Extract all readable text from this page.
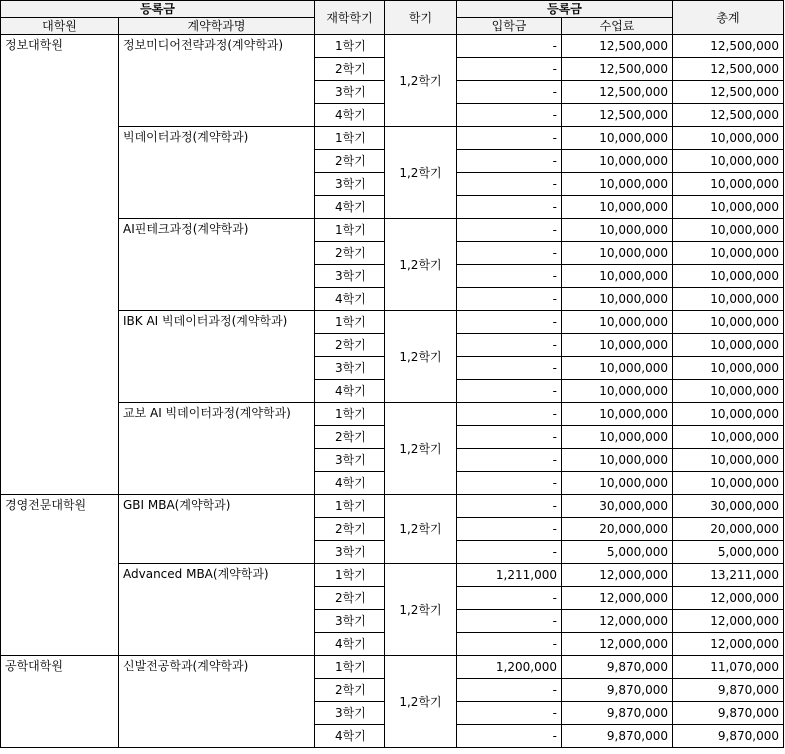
등록금		재학학기	학기	등록금		총계
대학원	계약학과명			입학금	수업료	
정보대학원	정보미디어전략과정(계약학과)	1학기	1,2학기	-	12,500,000	12,500,000
		2학기		-	12,500,000	12,500,000
		3학기		-	12,500,000	12,500,000
		4학기		-	12,500,000	12,500,000
	빅데이터과정(계약학과)	1학기	1,2학기	-	10,000,000	10,000,000
		2학기		-	10,000,000	10,000,000
		3학기		-	10,000,000	10,000,000
		4학기		-	10,000,000	10,000,000
	AI핀테크과정(계약학과)	1학기	1,2학기	-	10,000,000	10,000,000
		2학기		-	10,000,000	10,000,000
		3학기		-	10,000,000	10,000,000
		4학기		-	10,000,000	10,000,000
	IBK AI 빅데이터과정(계약학과)	1학기	1,2학기	-	10,000,000	10,000,000
		2학기		-	10,000,000	10,000,000
		3학기		-	10,000,000	10,000,000
		4학기		-	10,000,000	10,000,000
	교보 AI 빅데이터과정(계약학과)	1학기	1,2학기	-	10,000,000	10,000,000
		2학기		-	10,000,000	10,000,000
		3학기		-	10,000,000	10,000,000
		4학기		-	10,000,000	10,000,000
경영전문대학원	GBI MBA(계약학과)	1학기	1,2학기	-	30,000,000	30,000,000
		2학기		-	20,000,000	20,000,000
		3학기		-	5,000,000	5,000,000
	Advanced MBA(계약학과)	1학기	1,2학기	1,211,000	12,000,000	13,211,000
		2학기		-	12,000,000	12,000,000
		3학기		-	12,000,000	12,000,000
		4학기		-	12,000,000	12,000,000
공학대학원	신발전공학과(계약학과)	1학기	1,2학기	1,200,000	9,870,000	11,070,000
		2학기		-	9,870,000	9,870,000
		3학기		-	9,870,000	9,870,000
		4학기		-	9,870,000	9,870,000
